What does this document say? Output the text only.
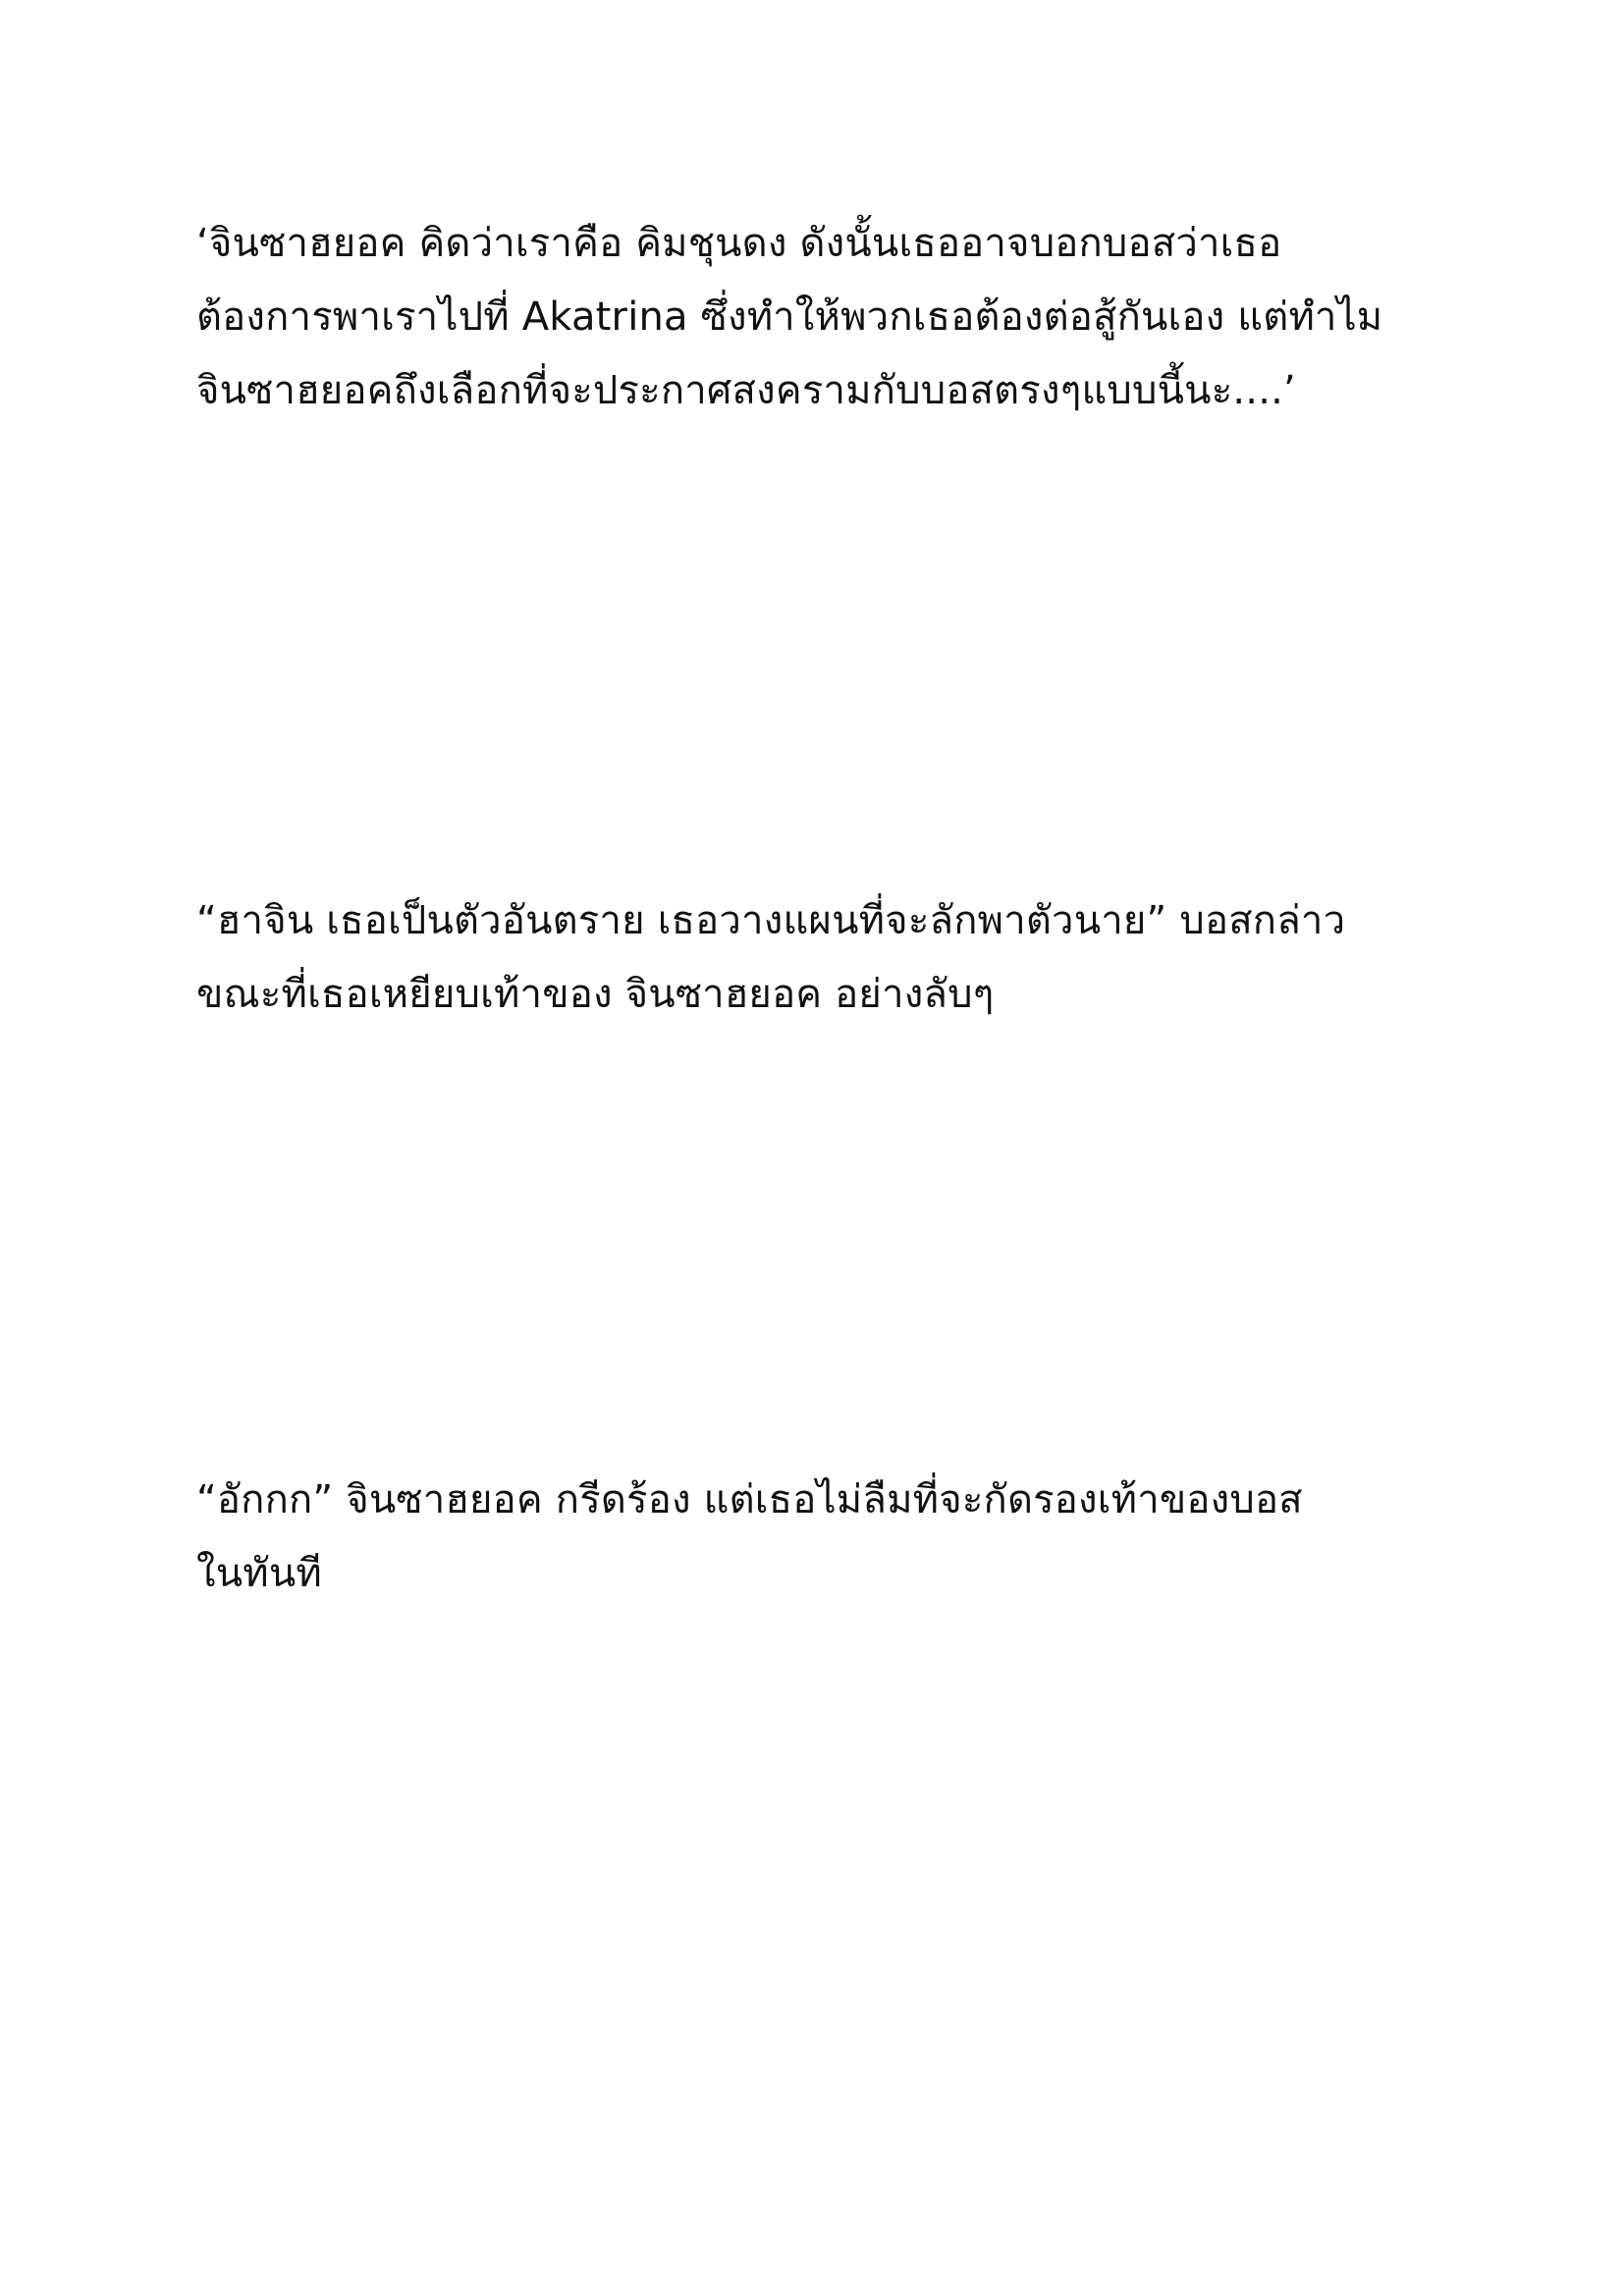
‘จินซาฮยอค คิดว่าเราคือ คิมชุนดง ดังนั้นเธออาจบอกบอสว่าเธอ
ต้องการพาเราไปที่ Akatrina ซึ่งทำให้พวกเธอต้องต่อสู้กันเอง แต่ทำไม
จินซาฮยอคถึงเลือกที่จะประกาศสงครามกับบอสตรงๆแบบนี้นะ....’

“ฮาจิน เธอเป็นตัวอันตราย เธอวางแผนที่จะลักพาตัวนาย” บอสกล่าว
ขณะที่เธอเหยียบเท้าของ จินซาฮยอค อย่างลับๆ

“อักกก” จินซาฮยอค กรีดร้อง แต่เธอไม่ลืมที่จะกัดรองเท้าของบอส
ในทันที
